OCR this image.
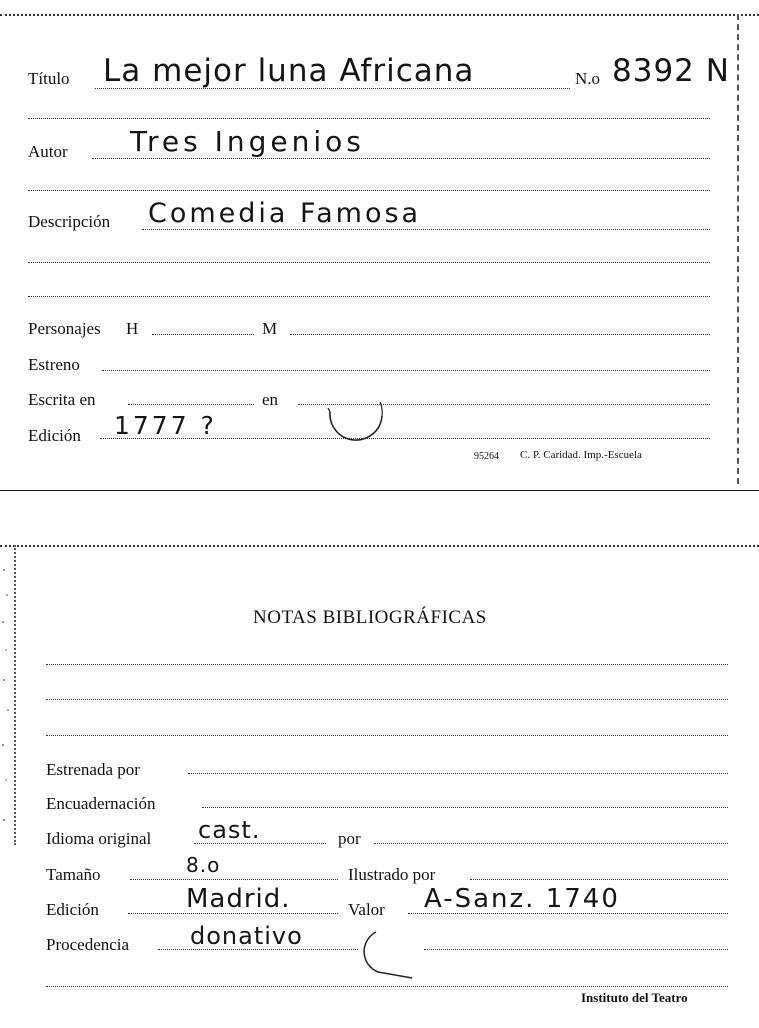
Título La mejor luna Africana	N.o 8392 N
Autor Tres Ingenios
Descripción Comedia Famosa
Personajes H	M
Estreno
Escrita en	en
Edición 1777 ?
95264 C. P. Caridad. Imp.-Escuela
NOTAS BIBLIOGRÁFICAS
Estrenada por
Encuadernación
Idioma original cast.	por
Tamaño	8.o	Ilustrado por
Edición	Madrid.	Valor A-Sanz. 1740
Procedencia	donativo
Instituto del Teatro
